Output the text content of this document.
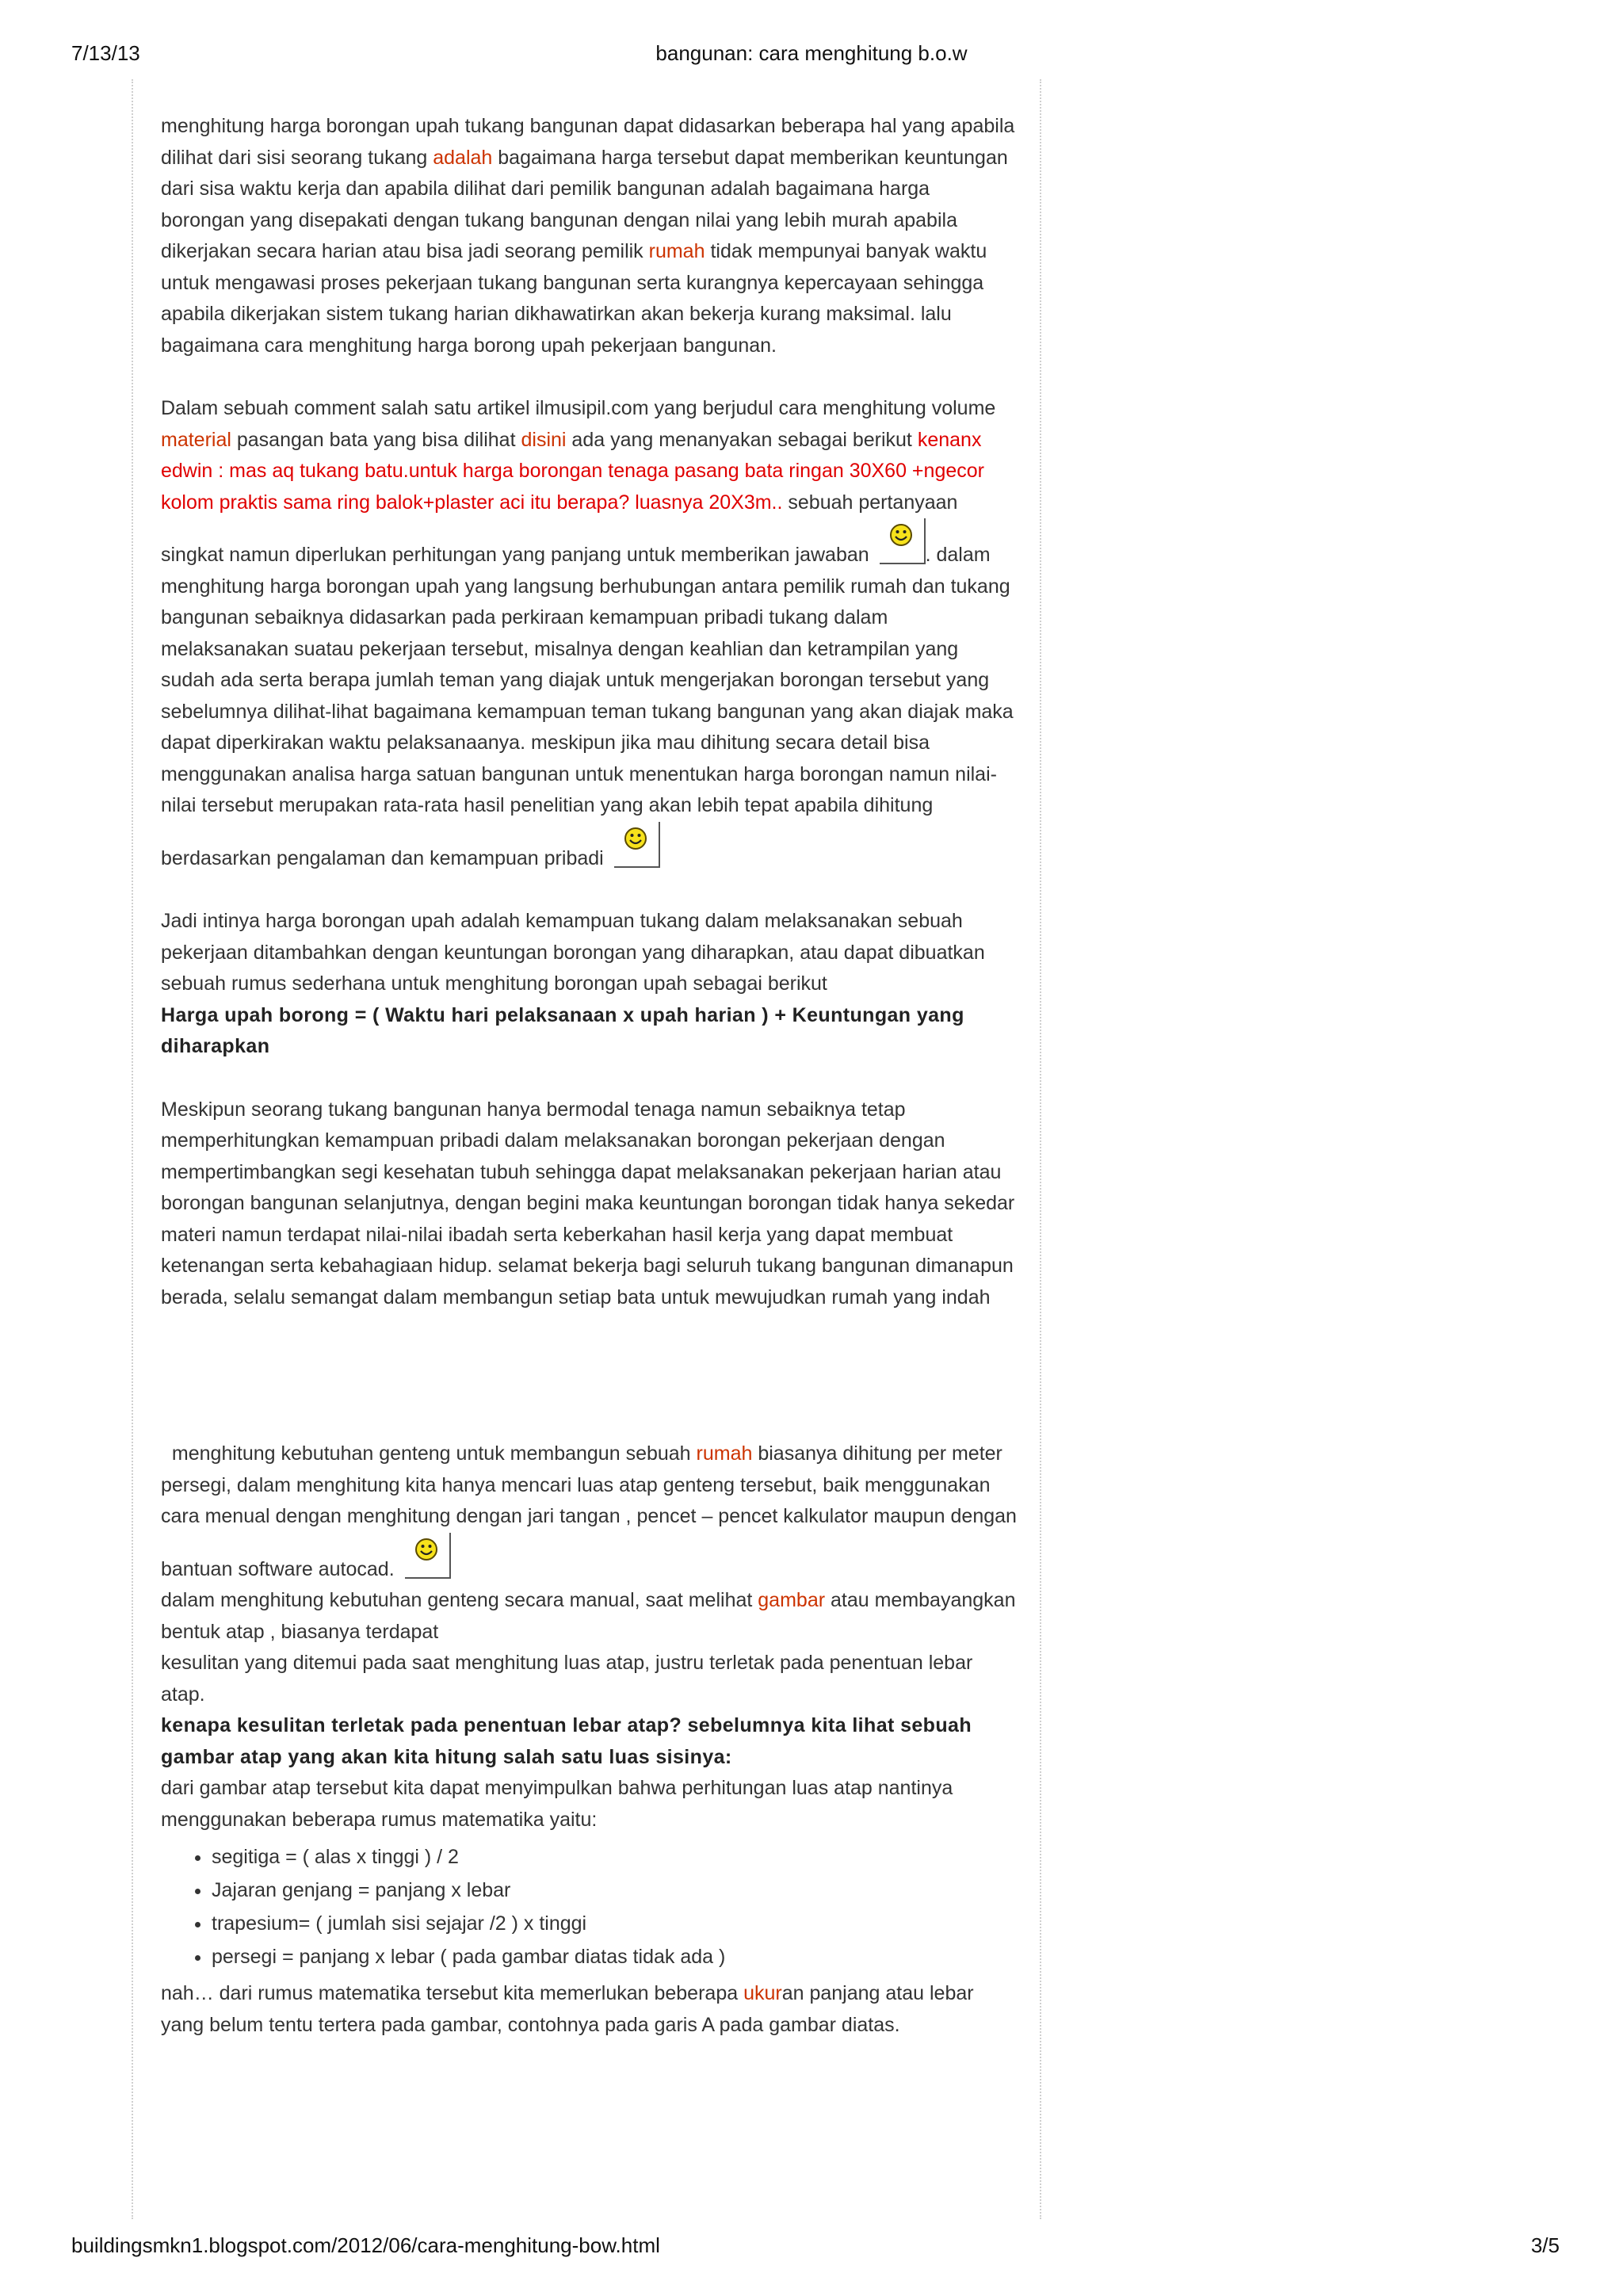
7/13/13	bangunan: cara menghitung b.o.w

menghitung harga borongan upah tukang bangunan dapat didasarkan beberapa hal yang apabila dilihat dari sisi seorang tukang adalah bagaimana harga tersebut dapat memberikan keuntungan dari sisa waktu kerja dan apabila dilihat dari pemilik bangunan adalah bagaimana harga borongan yang disepakati dengan tukang bangunan dengan nilai yang lebih murah apabila dikerjakan secara harian atau bisa jadi seorang pemilik rumah tidak mempunyai banyak waktu untuk mengawasi proses pekerjaan tukang bangunan serta kurangnya kepercayaan sehingga apabila dikerjakan sistem tukang harian dikhawatirkan akan bekerja kurang maksimal. lalu bagaimana cara menghitung harga borong upah pekerjaan bangunan.

Dalam sebuah comment salah satu artikel ilmusipil.com yang berjudul cara menghitung volume material pasangan bata yang bisa dilihat disini ada yang menanyakan sebagai berikut kenanx edwin : mas aq tukang batu.untuk harga borongan tenaga pasang bata ringan 30X60 +ngecor kolom praktis sama ring balok+plaster aci itu berapa? luasnya 20X3m.. sebuah pertanyaan singkat namun diperlukan perhitungan yang panjang untuk memberikan jawaban	. dalam menghitung harga borongan upah yang langsung berhubungan antara pemilik rumah dan tukang bangunan sebaiknya didasarkan pada perkiraan kemampuan pribadi tukang dalam melaksanakan suatau pekerjaan tersebut, misalnya dengan keahlian dan ketrampilan yang sudah ada serta berapa jumlah teman yang diajak untuk mengerjakan borongan tersebut yang sebelumnya dilihat-lihat bagaimana kemampuan teman tukang bangunan yang akan diajak maka dapat diperkirakan waktu pelaksanaanya. meskipun jika mau dihitung secara detail bisa menggunakan analisa harga satuan bangunan untuk menentukan harga borongan namun nilai-nilai tersebut merupakan rata-rata hasil penelitian yang akan lebih tepat apabila dihitung berdasarkan pengalaman dan kemampuan pribadi

Jadi intinya harga borongan upah adalah kemampuan tukang dalam melaksanakan sebuah pekerjaan ditambahkan dengan keuntungan borongan yang diharapkan, atau dapat dibuatkan sebuah rumus sederhana untuk menghitung borongan upah sebagai berikut

Harga upah borong = ( Waktu hari pelaksanaan x upah harian ) + Keuntungan yang diharapkan

Meskipun seorang tukang bangunan hanya bermodal tenaga namun sebaiknya tetap memperhitungkan kemampuan pribadi dalam melaksanakan borongan pekerjaan dengan mempertimbangkan segi kesehatan tubuh sehingga dapat melaksanakan pekerjaan harian atau borongan bangunan selanjutnya, dengan begini maka keuntungan borongan tidak hanya sekedar materi namun terdapat nilai-nilai ibadah serta keberkahan hasil kerja yang dapat membuat ketenangan serta kebahagiaan hidup. selamat bekerja bagi seluruh tukang bangunan dimanapun berada, selalu semangat dalam membangun setiap bata untuk mewujudkan rumah yang indah

menghitung kebutuhan genteng untuk membangun sebuah rumah biasanya dihitung per meter persegi, dalam menghitung kita hanya mencari luas atap genteng tersebut, baik menggunakan cara menual dengan menghitung dengan jari tangan , pencet – pencet kalkulator maupun dengan bantuan software autocad.

dalam menghitung kebutuhan genteng secara manual, saat melihat gambar atau membayangkan bentuk atap , biasanya terdapat

kesulitan yang ditemui pada saat menghitung luas atap, justru terletak pada penentuan lebar atap.

kenapa kesulitan terletak pada penentuan lebar atap? sebelumnya kita lihat sebuah gambar atap yang akan kita hitung salah satu luas sisinya:

dari gambar atap tersebut kita dapat menyimpulkan bahwa perhitungan luas atap nantinya menggunakan beberapa rumus matematika yaitu:

• segitiga = ( alas x tinggi ) / 2
• Jajaran genjang = panjang x lebar
• trapesium= ( jumlah sisi sejajar /2 ) x tinggi
• persegi = panjang x lebar ( pada gambar diatas tidak ada )

nah… dari rumus matematika tersebut kita memerlukan beberapa ukuran panjang atau lebar yang belum tentu tertera pada gambar, contohnya pada garis A pada gambar diatas.

buildingsmkn1.blogspot.com/2012/06/cara-menghitung-bow.html	3/5
